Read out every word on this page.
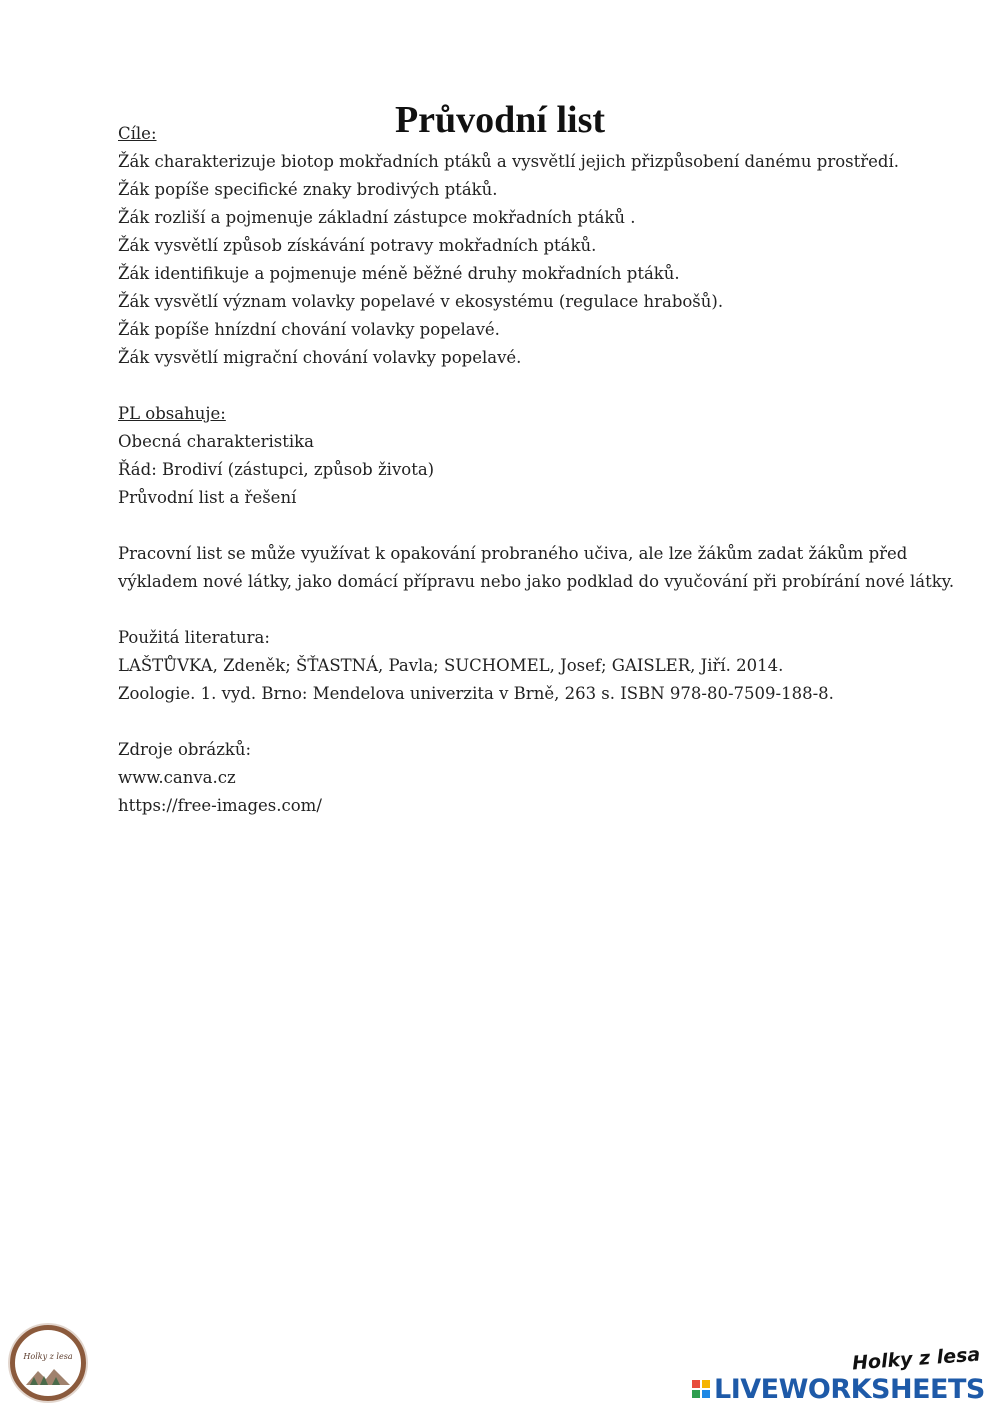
Průvodní list
Cíle:
Žák charakterizuje biotop mokřadních ptáků a vysvětlí jejich přizpůsobení danému prostředí.
Žák popíše specifické znaky brodivých ptáků.
Žák rozliší a pojmenuje základní zástupce mokřadních ptáků .
Žák vysvětlí způsob získávání potravy mokřadních ptáků.
Žák identifikuje a pojmenuje méně běžné druhy mokřadních ptáků.
Žák vysvětlí význam volavky popelavé v ekosystému (regulace hrabošů).
Žák popíše hnízdní chování volavky popelavé.
Žák vysvětlí migrační chování volavky popelavé.
PL obsahuje:
Obecná charakteristika
Řád: Brodiví (zástupci, způsob života)
Průvodní list a řešení
Pracovní list se může využívat k opakování probraného učiva, ale lze žákům zadat žákům před výkladem nové látky, jako domácí přípravu nebo jako podklad do vyučování při probírání nové látky.
Použitá literatura:
LAŠTŮVKA, Zdeněk; ŠŤASTNÁ, Pavla; SUCHOMEL, Josef; GAISLER, Jiří. 2014.
Zoologie. 1. vyd. Brno: Mendelova univerzita v Brně, 263 s. ISBN 978-80-7509-188-8.
Zdroje obrázků:
www.canva.cz
https://free-images.com/
Holky z lesa	Holky z lesa
LIVEWORKSHEETS
